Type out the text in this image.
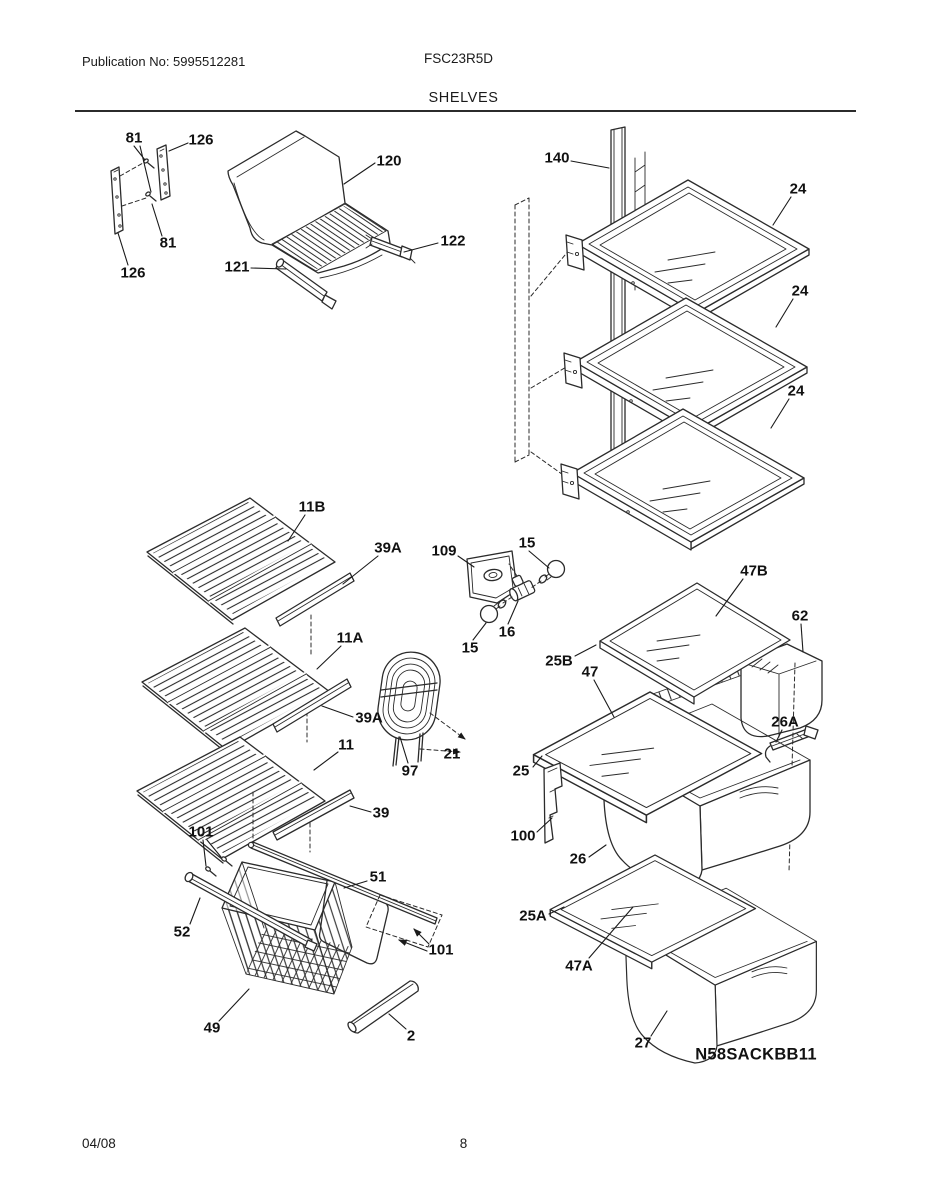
Publication No: 5995512281	FSC23R5D
SHELVES
81	126
120
122
121
81
126
140
24
24
24
11B
39A 109	15
11A	16
15
47B
62
25B
47
39A	26A
11
21
97	25
39
100
101
26
51
25A
52
101
47A
49	2	27
N58SACKBB11
04/08	8
